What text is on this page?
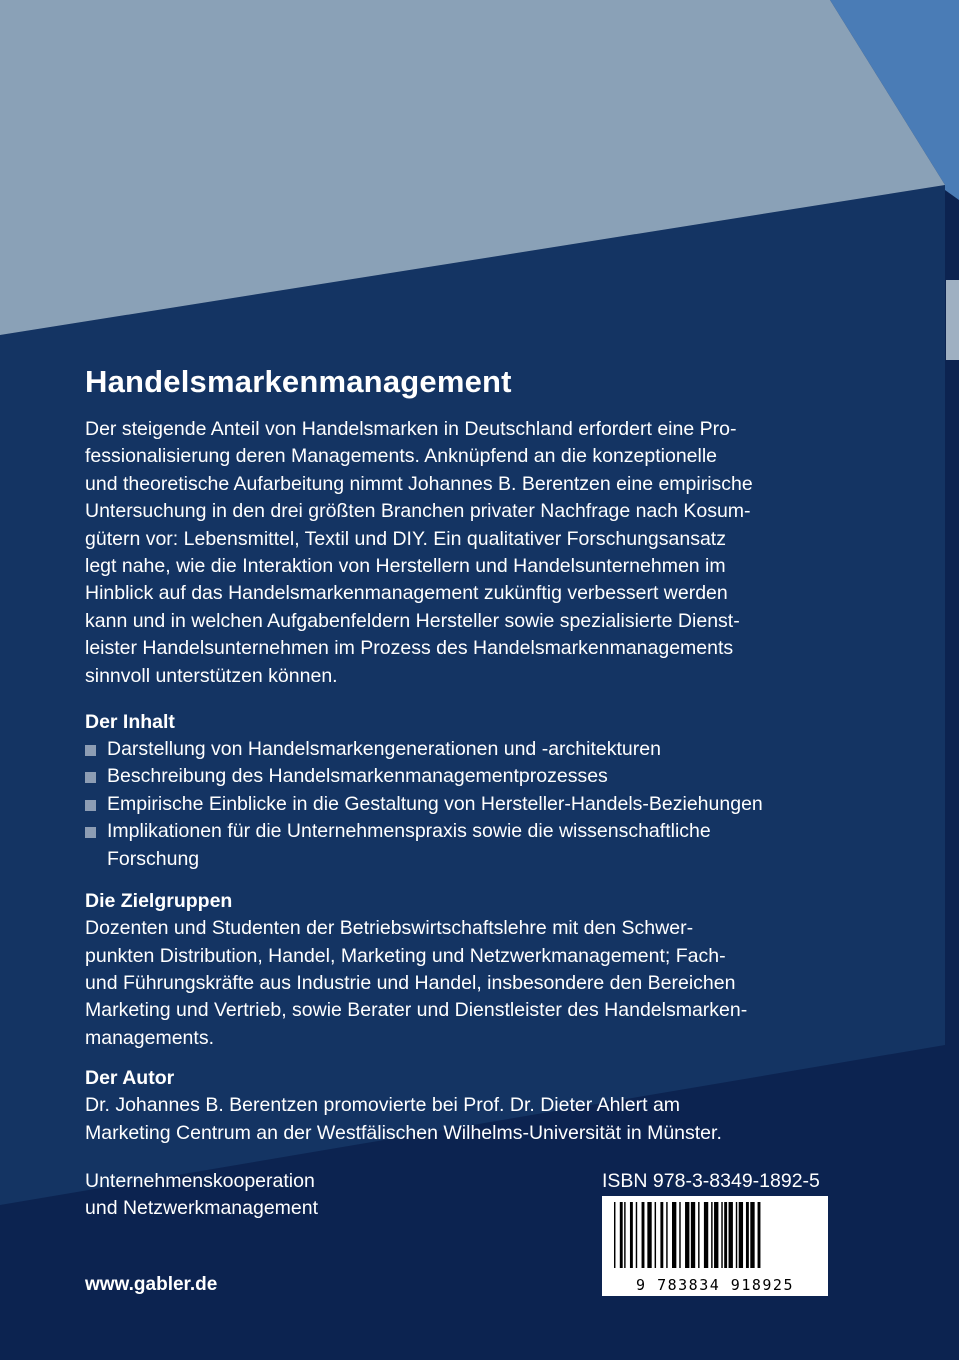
Handelsmarkenmanagement
Der steigende Anteil von Handelsmarken in Deutschland erfordert eine Pro-
fessionalisierung deren Managements. Anknüpfend an die konzeptionelle
und theoretische Aufarbeitung nimmt Johannes B. Berentzen eine empirische
Untersuchung in den drei größten Branchen privater Nachfrage nach Kosum-
gütern vor: Lebensmittel, Textil und DIY. Ein qualitativer Forschungsansatz
legt nahe, wie die Interaktion von Herstellern und Handelsunternehmen im
Hinblick auf das Handelsmarkenmanagement zukünftig verbessert werden
kann und in welchen Aufgabenfeldern Hersteller sowie spezialisierte Dienst-
leister Handelsunternehmen im Prozess des Handelsmarkenmanagements
sinnvoll unterstützen können.
Der Inhalt
Darstellung von Handelsmarkengenerationen und -architekturen
Beschreibung des Handelsmarkenmanagementprozesses
Empirische Einblicke in die Gestaltung von Hersteller-Handels-Beziehungen
Implikationen für die Unternehmenspraxis sowie die wissenschaftliche
Forschung
Die Zielgruppen
Dozenten und Studenten der Betriebswirtschaftslehre mit den Schwer-
punkten Distribution, Handel, Marketing und Netzwerkmanagement; Fach-
und Führungskräfte aus Industrie und Handel, insbesondere den Bereichen
Marketing und Vertrieb, sowie Berater und Dienstleister des Handelsmarken-
managements.
Der Autor
Dr. Johannes B. Berentzen promovierte bei Prof. Dr. Dieter Ahlert am
Marketing Centrum an der Westfälischen Wilhelms-Universität in Münster.
Unternehmenskooperation
und Netzwerkmanagement
www.gabler.de
ISBN 978-3-8349-1892-5
9 783834 918925
